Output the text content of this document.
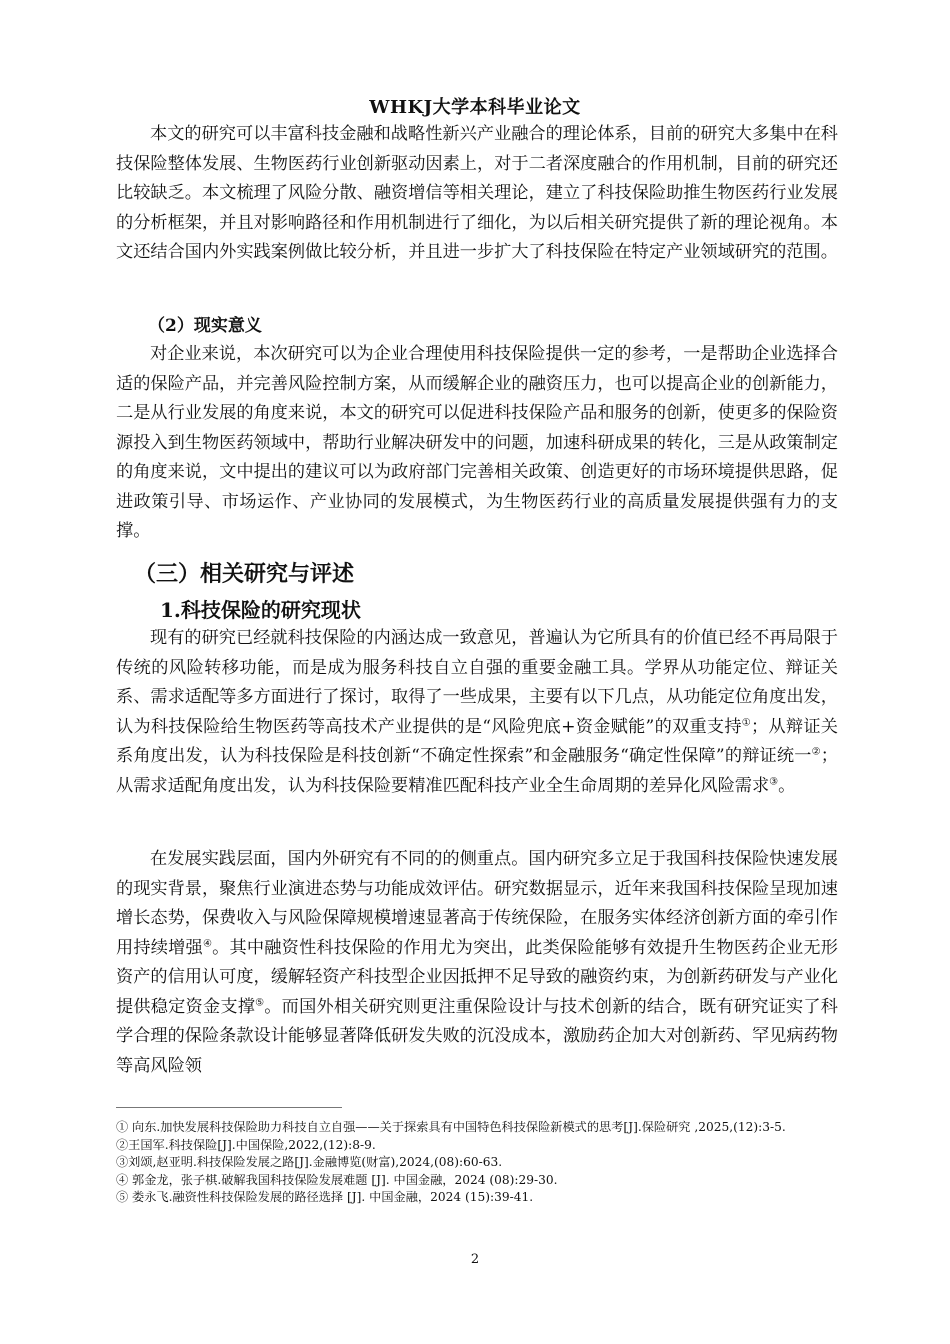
WHKJ大学本科毕业论文

本文的研究可以丰富科技金融和战略性新兴产业融合的理论体系，目前的研究大多集中在科技保险整体发展、生物医药行业创新驱动因素上，对于二者深度融合的作用机制，目前的研究还比较缺乏。本文梳理了风险分散、融资增信等相关理论，建立了科技保险助推生物医药行业发展的分析框架，并且对影响路径和作用机制进行了细化，为以后相关研究提供了新的理论视角。本文还结合国内外实践案例做比较分析，并且进一步扩大了科技保险在特定产业领域研究的范围。

（2）现实意义

对企业来说，本次研究可以为企业合理使用科技保险提供一定的参考，一是帮助企业选择合适的保险产品，并完善风险控制方案，从而缓解企业的融资压力，也可以提高企业的创新能力，二是从行业发展的角度来说，本文的研究可以促进科技保险产品和服务的创新，使更多的保险资源投入到生物医药领域中，帮助行业解决研发中的问题，加速科研成果的转化，三是从政策制定的角度来说，文中提出的建议可以为政府部门完善相关政策、创造更好的市场环境提供思路，促进政策引导、市场运作、产业协同的发展模式，为生物医药行业的高质量发展提供强有力的支撑。

（三）相关研究与评述

1.科技保险的研究现状

现有的研究已经就科技保险的内涵达成一致意见，普遍认为它所具有的价值已经不再局限于传统的风险转移功能，而是成为服务科技自立自强的重要金融工具。学界从功能定位、辩证关系、需求适配等多方面进行了探讨，取得了一些成果，主要有以下几点，从功能定位角度出发，认为科技保险给生物医药等高技术产业提供的是“风险兜底+资金赋能”的双重支持①；从辩证关系角度出发，认为科技保险是科技创新“不确定性探索”和金融服务“确定性保障”的辩证统一②；从需求适配角度出发，认为科技保险要精准匹配科技产业全生命周期的差异化风险需求③。

在发展实践层面，国内外研究有不同的的侧重点。国内研究多立足于我国科技保险快速发展的现实背景，聚焦行业演进态势与功能成效评估。研究数据显示，近年来我国科技保险呈现加速增长态势，保费收入与风险保障规模增速显著高于传统保险，在服务实体经济创新方面的牵引作用持续增强④。其中融资性科技保险的作用尤为突出，此类保险能够有效提升生物医药企业无形资产的信用认可度，缓解轻资产科技型企业因抵押不足导致的融资约束，为创新药研发与产业化提供稳定资金支撑⑤。而国外相关研究则更注重保险设计与技术创新的结合，既有研究证实了科学合理的保险条款设计能够显著降低研发失败的沉没成本，激励药企加大对创新药、罕见病药物等高风险领

① 向东.加快发展科技保险助力科技自立自强——关于探索具有中国特色科技保险新模式的思考[J].保险研究 ,2025,(12):3-5.

②王国军.科技保险[J].中国保险,2022,(12):8-9.

③刘颂,赵亚明.科技保险发展之路[J].金融博览(财富),2024,(08):60-63.

④ 郭金龙，张子棋.破解我国科技保险发展难题 [J]. 中国金融，2024 (08):29-30.

⑤ 娄永飞.融资性科技保险发展的路径选择 [J]. 中国金融，2024 (15):39-41.

2
